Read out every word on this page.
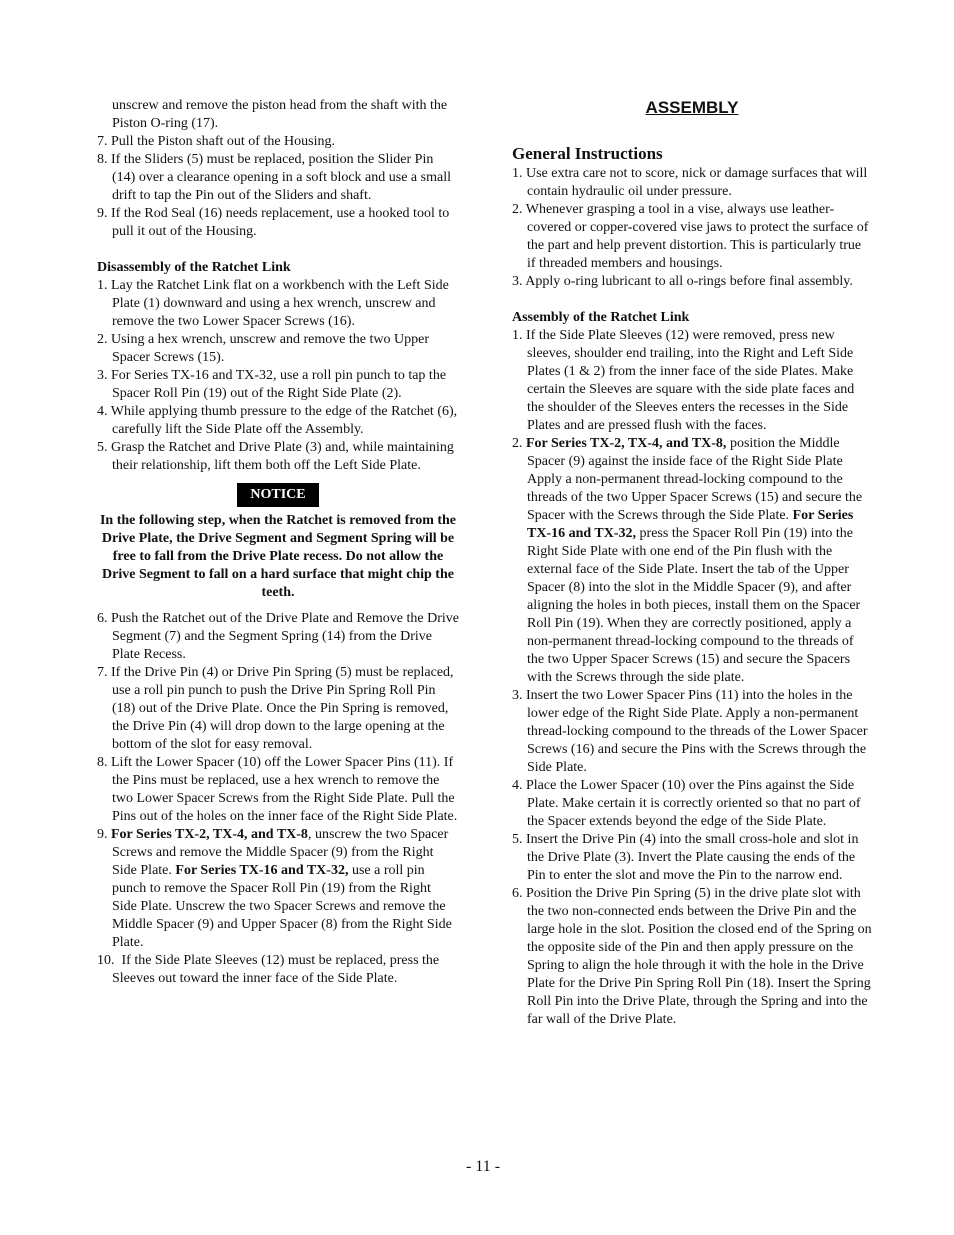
unscrew and remove the piston head from the shaft with the Piston O-ring (17).

7. Pull the Piston shaft out of the Housing.

8. If the Sliders (5) must be replaced, position the Slider Pin (14) over a clearance opening in a soft block and use a small drift to tap the Pin out of the Sliders and shaft.

9. If the Rod Seal (16) needs replacement, use a hooked tool to pull it out of the Housing.

Disassembly of the Ratchet Link

1. Lay the Ratchet Link flat on a workbench with the Left Side Plate (1) downward and using a hex wrench, unscrew and remove the two Lower Spacer Screws (16).

2. Using a hex wrench, unscrew and remove the two Upper Spacer Screws (15).

3. For Series TX-16 and TX-32, use a roll pin punch to tap the Spacer Roll Pin (19) out of the Right Side Plate (2).

4. While applying thumb pressure to the edge of the Ratchet (6), carefully lift the Side Plate off the Assembly.

5. Grasp the Ratchet and Drive Plate (3) and, while maintaining their relationship, lift them both off the Left Side Plate.

NOTICE

In the following step, when the Ratchet is removed from the Drive Plate, the Drive Segment and Segment Spring will be free to fall from the Drive Plate recess. Do not allow the Drive Segment to fall on a hard surface that might chip the teeth.

6. Push the Ratchet out of the Drive Plate and Remove the Drive Segment (7) and the Segment Spring (14) from the Drive Plate Recess.

7. If the Drive Pin (4) or Drive Pin Spring (5) must be replaced, use a roll pin punch to push the Drive Pin Spring Roll Pin (18) out of the Drive Plate. Once the Pin Spring is removed, the Drive Pin (4) will drop down to the large opening at the bottom of the slot for easy removal.

8. Lift the Lower Spacer (10) off the Lower Spacer Pins (11). If the Pins must be replaced, use a hex wrench to remove the two Lower Spacer Screws from the Right Side Plate. Pull the Pins out of the holes on the inner face of the Right Side Plate.

9. For Series TX-2, TX-4, and TX-8, unscrew the two Spacer Screws and remove the Middle Spacer (9) from the Right Side Plate. For Series TX-16 and TX-32, use a roll pin punch to remove the Spacer Roll Pin (19) from the Right Side Plate. Unscrew the two Spacer Screws and remove the Middle Spacer (9) and Upper Spacer (8) from the Right Side Plate.

10. If the Side Plate Sleeves (12) must be replaced, press the Sleeves out toward the inner face of the Side Plate.

ASSEMBLY

General Instructions

1. Use extra care not to score, nick or damage surfaces that will contain hydraulic oil under pressure.

2. Whenever grasping a tool in a vise, always use leather-covered or copper-covered vise jaws to protect the surface of the part and help prevent distortion. This is particularly true if threaded members and housings.

3. Apply o-ring lubricant to all o-rings before final assembly.

Assembly of the Ratchet Link

1. If the Side Plate Sleeves (12) were removed, press new sleeves, shoulder end trailing, into the Right and Left Side Plates (1 & 2) from the inner face of the side Plates. Make certain the Sleeves are square with the side plate faces and the shoulder of the Sleeves enters the recesses in the Side Plates and are pressed flush with the faces.

2. For Series TX-2, TX-4, and TX-8, position the Middle Spacer (9) against the inside face of the Right Side Plate Apply a non-permanent thread-locking compound to the threads of the two Upper Spacer Screws (15) and secure the Spacer with the Screws through the Side Plate. For Series TX-16 and TX-32, press the Spacer Roll Pin (19) into the Right Side Plate with one end of the Pin flush with the external face of the Side Plate. Insert the tab of the Upper Spacer (8) into the slot in the Middle Spacer (9), and after aligning the holes in both pieces, install them on the Spacer Roll Pin (19). When they are correctly positioned, apply a non-permanent thread-locking compound to the threads of the two Upper Spacer Screws (15) and secure the Spacers with the Screws through the side plate.

3. Insert the two Lower Spacer Pins (11) into the holes in the lower edge of the Right Side Plate. Apply a non-permanent thread-locking compound to the threads of the Lower Spacer Screws (16) and secure the Pins with the Screws through the Side Plate.

4. Place the Lower Spacer (10) over the Pins against the Side Plate. Make certain it is correctly oriented so that no part of the Spacer extends beyond the edge of the Side Plate.

5. Insert the Drive Pin (4) into the small cross-hole and slot in the Drive Plate (3). Invert the Plate causing the ends of the Pin to enter the slot and move the Pin to the narrow end.

6. Position the Drive Pin Spring (5) in the drive plate slot with the two non-connected ends between the Drive Pin and the large hole in the slot. Position the closed end of the Spring on the opposite side of the Pin and then apply pressure on the Spring to align the hole through it with the hole in the Drive Plate for the Drive Pin Spring Roll Pin (18). Insert the Spring Roll Pin into the Drive Plate, through the Spring and into the far wall of the Drive Plate.

- 11 -
